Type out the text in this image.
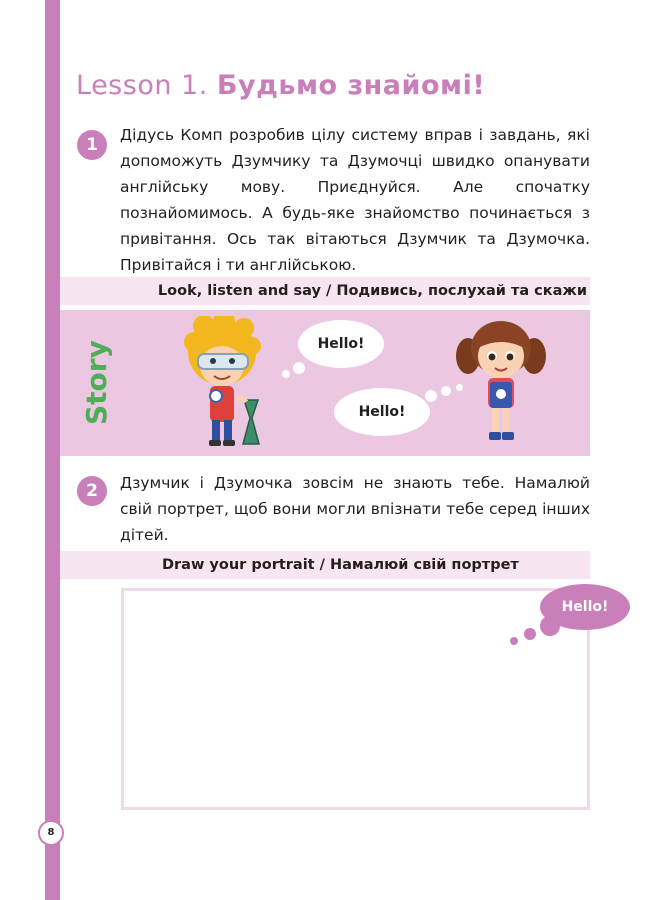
8
Lesson 1. Будьмо знайомі!
1	Дідусь Комп розробив цілу систему вправ і завдань, які допоможуть Дзумчику та Дзумочці швидко опанувати англійську мову. Приєднуйся. Але спочатку познайомимось. А будь-яке знайомство починається з привітання. Ось так вітаються Дзумчик та Дзумочка. Привітайся і ти англійською.
Look, listen and say / Подивись, послухай та скажи
Story	Hello!
Hello!
2	Дзумчик і Дзумочка зовсім не знають тебе. Намалюй свій портрет, щоб вони могли впізнати тебе серед інших дітей.
Draw your portrait / Намалюй свій портрет
Hello!
